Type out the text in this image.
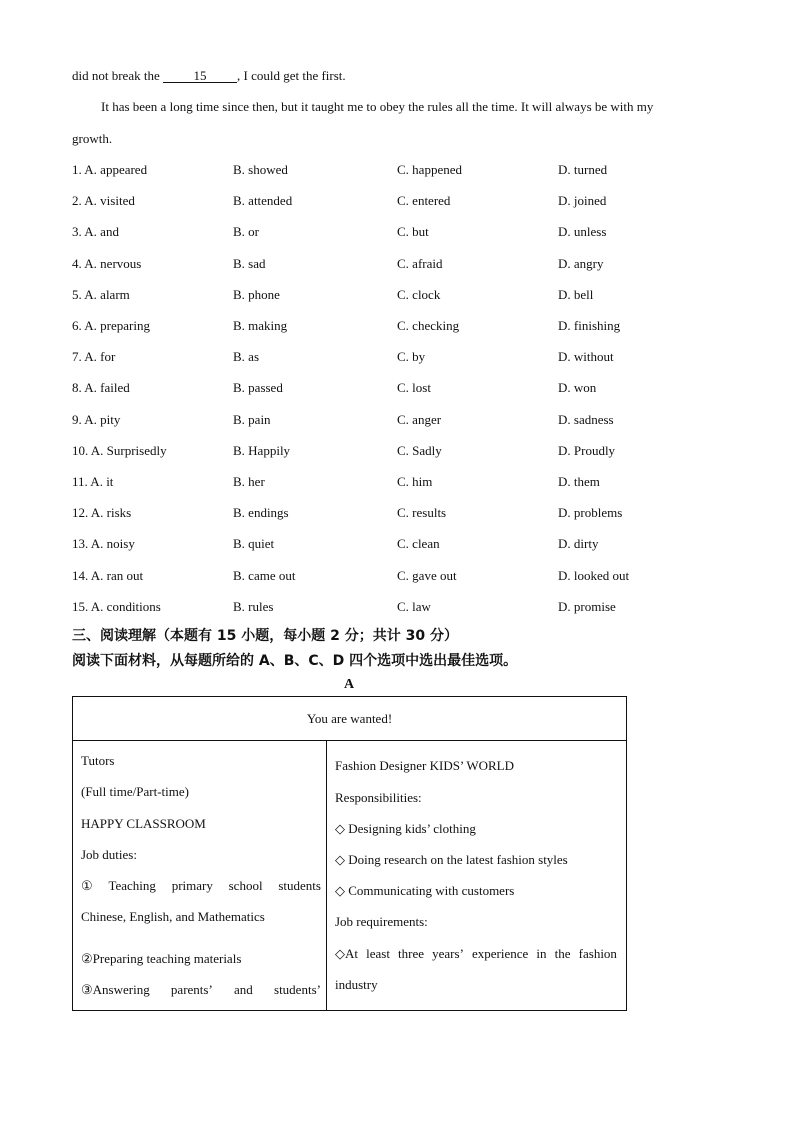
did not break the	15 , I could get the first.
It has been a long time since then, but it taught me to obey the rules all the time. It will always be with my
growth.
1. A. appeared	B. showed	C. happened	D. turned
2. A. visited	B. attended	C. entered	D. joined
3. A. and	B. or	C. but	D. unless
4. A. nervous	B. sad	C. afraid	D. angry
5. A. alarm	B. phone	C. clock	D. bell
6. A. preparing	B. making	C. checking	D. finishing
7. A. for	B. as	C. by	D. without
8. A. failed	B. passed	C. lost	D. won
9. A. pity	B. pain	C. anger	D. sadness
10. A. Surprisedly	B. Happily	C. Sadly	D. Proudly
11. A. it	B. her	C. him	D. them
12. A. risks	B. endings	C. results	D. problems
13. A. noisy	B. quiet	C. clean	D. dirty
14. A. ran out	B. came out	C. gave out	D. looked out
15. A. conditions	B. rules	C. law	D. promise
三、阅读理解（本题有 15 小题，每小题 2 分；共计 30 分）
阅读下面材料，从每题所给的 A、B、C、D 四个选项中选出最佳选项。
A
You are wanted!
Tutors
(Full time/Part-time)
HAPPY CLASSROOM
Job duties:
① Teaching primary school students
Chinese, English, and Mathematics
②Preparing teaching materials
③Answering parents’ and students’
Fashion Designer KIDS’ WORLD
Responsibilities:
◇ Designing kids’ clothing
◇ Doing research on the latest fashion styles
◇ Communicating with customers
Job requirements:
◇At least three years’ experience in the fashion
industry
